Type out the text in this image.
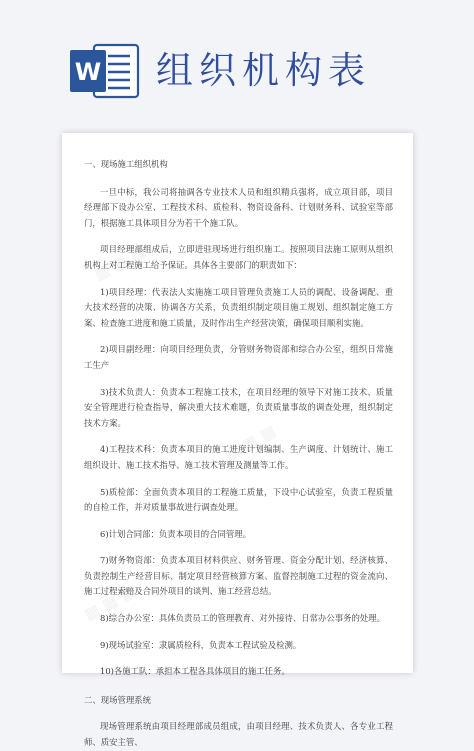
W 组织机构表
▦ ▦ ▦
▦ ▦ ▦
▦ ▦ ▦

一、现场施工组织机构

一旦中标，我公司将抽调各专业技术人员和组织精兵强将，成立项目部，项目经理部下设办公室、工程技术科、质检科、物资设备科、计划财务科、试验室等部门，根据施工具体项目分为若干个施工队。

项目经理部组成后，立即进驻现场进行组织施工。按照项目法施工原则从组织机构上对工程施工给予保证。具体各主要部门的职责如下：

1)项目经理：代表法人实施施工项目管理负责施工人员的调配、设备调配、重大技术经营的决策、协调各方关系，负责组织制定项目施工规划、组织制定施工方案、检查施工进度和施工质量，及时作出生产经营决策，确保项目顺利实施。

2)项目副经理：向项目经理负责，分管财务物资部和综合办公室，组织日常施工生产

3)技术负责人：负责本工程施工技术，在项目经理的领导下对施工技术、质量安全管理进行检查指导，解决重大技术难题，负责质量事故的调查处理，组织制定技术方案。

4)工程技术科：负责本项目的施工进度计划编制、生产调度、计划统计、施工组织设计、施工技术指导、施工技术管理及测量等工作。

5)质检部：全面负责本项目的工程施工质量，下设中心试验室，负责工程质量的自检工作，并对质量事故进行调查处理。

6)计划合同部：负责本项目的合同管理。

7)财务物资部：负责本项目材料供应、财务管理、资金分配计划、经济核算、负责控制生产经营目标、制定项目经营核算方案、监督控制施工过程的资金流向、施工过程索赔及合同外项目的谈判、施工经营总结。

8)综合办公室：具体负责员工的管理教育、对外接待、日常办公事务的处理。

9)现场试验室：隶属质检科，负责本工程试验及检测。

10)各施工队：承担本工程各具体项目的施工任务。

二、现场管理系统

现场管理系统由项目经理部成员组成，由项目经理、技术负责人、各专业工程师、质安主管、
